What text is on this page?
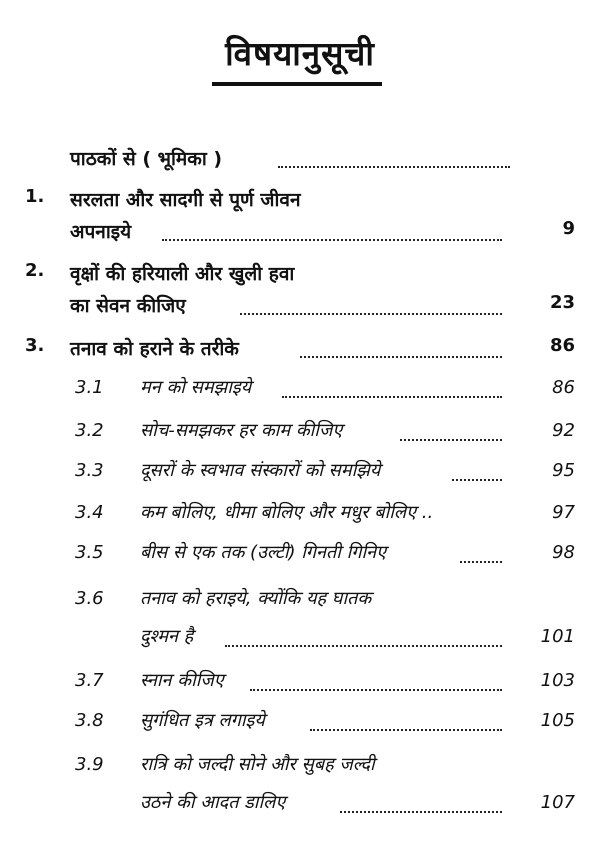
विषयानुसूची
पाठकों से ( भूमिका )
1. सरलता और सादगी से पूर्ण जीवन
अपनाइये	9
2. वृक्षों की हरियाली और खुली हवा
का सेवन कीजिए	23
3. तनाव को हराने के तरीके	86
3.1 मन को समझाइये	86
3.2 सोच-समझकर हर काम कीजिए	92
3.3 दूसरों के स्वभाव संस्कारों को समझिये	95
3.4 कम बोलिए, धीमा बोलिए और मधुर बोलिए ..	97
3.5 बीस से एक तक (उल्टी) गिनती गिनिए	98
3.6 तनाव को हराइये, क्योंकि यह घातक
दुश्मन है	101
3.7 स्नान कीजिए	103
3.8 सुगंधित इत्र लगाइये	105
3.9 रात्रि को जल्दी सोने और सुबह जल्दी
उठने की आदत डालिए	107
